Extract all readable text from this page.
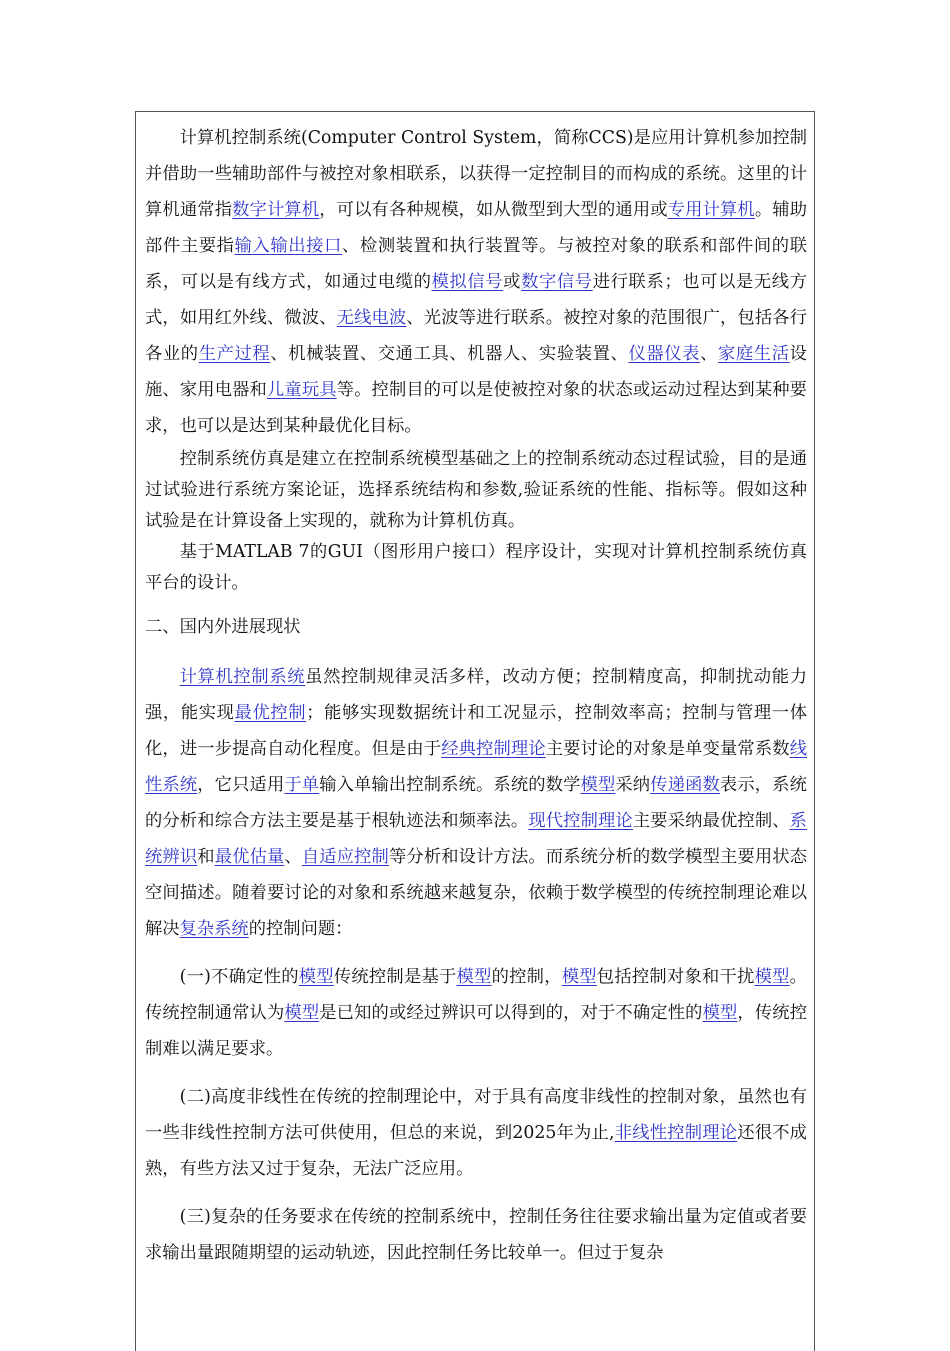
计算机控制系统(Computer Control System，简称CCS)是应用计算机参加控制并借助一些辅助部件与被控对象相联系，以获得一定控制目的而构成的系统。这里的计算机通常指数字计算机，可以有各种规模，如从微型到大型的通用或专用计算机。辅助部件主要指输入输出接口、检测装置和执行装置等。与被控对象的联系和部件间的联系，可以是有线方式，如通过电缆的模拟信号或数字信号进行联系；也可以是无线方式，如用红外线、微波、无线电波、光波等进行联系。被控对象的范围很广，包括各行各业的生产过程、机械装置、交通工具、机器人、实验装置、仪器仪表、家庭生活设施、家用电器和儿童玩具等。控制目的可以是使被控对象的状态或运动过程达到某种要求，也可以是达到某种最优化目标。

控制系统仿真是建立在控制系统模型基础之上的控制系统动态过程试验，目的是通过试验进行系统方案论证，选择系统结构和参数,验证系统的性能、指标等。假如这种试验是在计算设备上实现的，就称为计算机仿真。

基于MATLAB 7的GUI（图形用户接口）程序设计，实现对计算机控制系统仿真平台的设计。

二、国内外进展现状

计算机控制系统虽然控制规律灵活多样，改动方便；控制精度高，抑制扰动能力强，能实现最优控制；能够实现数据统计和工况显示，控制效率高；控制与管理一体化，进一步提高自动化程度。但是由于经典控制理论主要讨论的对象是单变量常系数线性系统，它只适用于单输入单输出控制系统。系统的数学模型采纳传递函数表示，系统的分析和综合方法主要是基于根轨迹法和频率法。现代控制理论主要采纳最优控制、系统辨识和最优估量、自适应控制等分析和设计方法。而系统分析的数学模型主要用状态空间描述。随着要讨论的对象和系统越来越复杂，依赖于数学模型的传统控制理论难以解决复杂系统的控制问题：

(一)不确定性的模型传统控制是基于模型的控制，模型包括控制对象和干扰模型。传统控制通常认为模型是已知的或经过辨识可以得到的，对于不确定性的模型，传统控制难以满足要求。

(二)高度非线性在传统的控制理论中，对于具有高度非线性的控制对象，虽然也有一些非线性控制方法可供使用，但总的来说，到2025年为止,非线性控制理论还很不成熟，有些方法又过于复杂，无法广泛应用。

(三)复杂的任务要求在传统的控制系统中，控制任务往往要求输出量为定值或者要求输出量跟随期望的运动轨迹，因此控制任务比较单一。但过于复杂
